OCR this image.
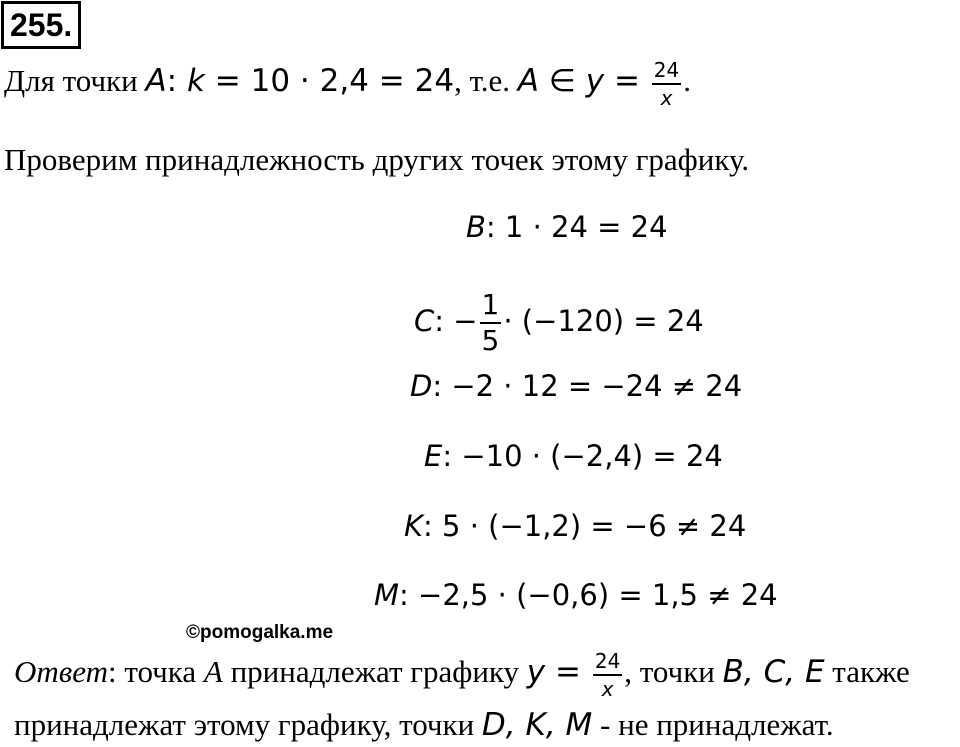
255.
Для точки A: k = 10 · 2,4 = 24, т.е. A ∈ $y = \frac{24}{x}$ .
Проверим принадлежность других точек этому графику.
B: 1 · 24 = 24
C: − $\frac{1}{5} \cdot (-120) = 24$
D: −2 · 12 = −24 ≠ 24
E: −10 · (−2,4) = 24
K: 5 · (−1,2) = −6 ≠ 24
M: −2,5 · (−0,6) = 1,5 ≠ 24
©pomogalka.me
Ответ: точка A принадлежат графику $y = \frac{24}{x}$ , точки B, C, E также
принадлежат этому графику, точки D, K, M - не принадлежат.
